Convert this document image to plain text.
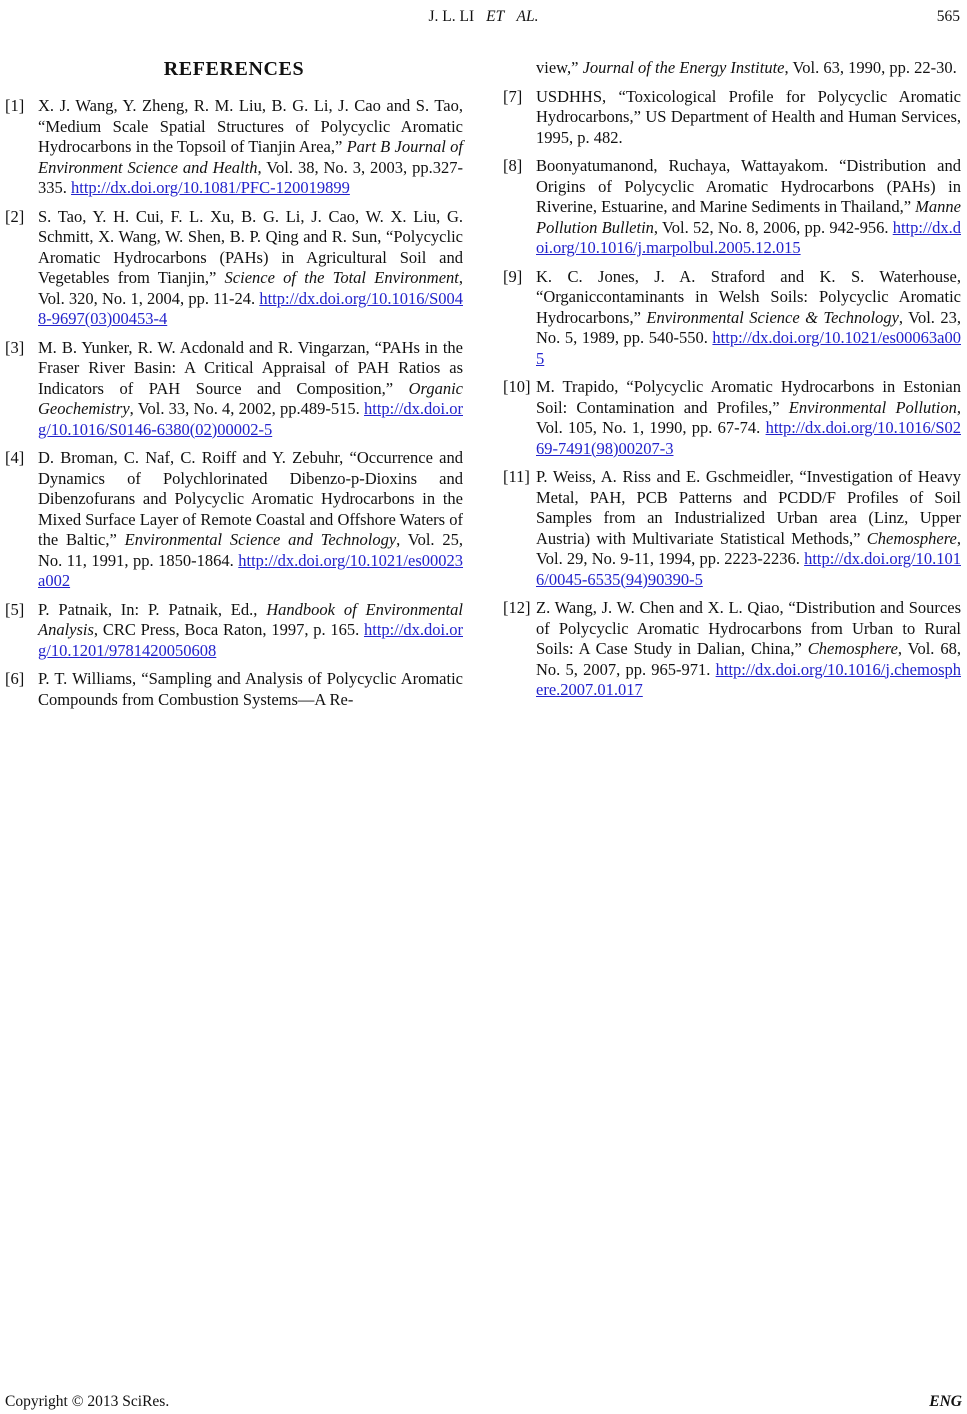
J. L. LI ET AL.	565
REFERENCES
[1] X. J. Wang, Y. Zheng, R. M. Liu, B. G. Li, J. Cao and S. Tao, “Medium Scale Spatial Structures of Polycyclic Aromatic Hydrocarbons in the Topsoil of Tianjin Area,” Part B Journal of Environment Science and Health, Vol. 38, No. 3, 2003, pp.327-335. http://dx.doi.org/10.1081/PFC-120019899
[2] S. Tao, Y. H. Cui, F. L. Xu, B. G. Li, J. Cao, W. X. Liu, G. Schmitt, X. Wang, W. Shen, B. P. Qing and R. Sun, “Polycyclic Aromatic Hydrocarbons (PAHs) in Agricultural Soil and Vegetables from Tianjin,” Science of the Total Environment, Vol. 320, No. 1, 2004, pp. 11-24. http://dx.doi.org/10.1016/S0048-9697(03)00453-4
[3] M. B. Yunker, R. W. Acdonald and R. Vingarzan, “PAHs in the Fraser River Basin: A Critical Appraisal of PAH Ratios as Indicators of PAH Source and Composition,” Organic Geochemistry, Vol. 33, No. 4, 2002, pp.489-515. http://dx.doi.org/10.1016/S0146-6380(02)00002-5
[4] D. Broman, C. Naf, C. Roiff and Y. Zebuhr, “Occurrence and Dynamics of Polychlorinated Dibenzo-p-Dioxins and Dibenzofurans and Polycyclic Aromatic Hydrocarbons in the Mixed Surface Layer of Remote Coastal and Offshore Waters of the Baltic,” Environmental Science and Technology, Vol. 25, No. 11, 1991, pp. 1850-1864. http://dx.doi.org/10.1021/es00023a002
[5] P. Patnaik, In: P. Patnaik, Ed., Handbook of Environmental Analysis, CRC Press, Boca Raton, 1997, p. 165. http://dx.doi.org/10.1201/9781420050608
[6] P. T. Williams, “Sampling and Analysis of Polycyclic Aromatic Compounds from Combustion Systems—A Re-
view,” Journal of the Energy Institute, Vol. 63, 1990, pp. 22-30.
[7] USDHHS, “Toxicological Profile for Polycyclic Aromatic Hydrocarbons,” US Department of Health and Human Services, 1995, p. 482.
[8] Boonyatumanond, Ruchaya, Wattayakom. “Distribution and Origins of Polycyclic Aromatic Hydrocarbons (PAHs) in Riverine, Estuarine, and Marine Sediments in Thailand,” Manne Pollution Bulletin, Vol. 52, No. 8, 2006, pp. 942-956. http://dx.doi.org/10.1016/j.marpolbul.2005.12.015
[9] K. C. Jones, J. A. Straford and K. S. Waterhouse, “Organiccontaminants in Welsh Soils: Polycyclic Aromatic Hydrocarbons,” Environmental Science & Technology, Vol. 23, No. 5, 1989, pp. 540-550. http://dx.doi.org/10.1021/es00063a005
[10] M. Trapido, “Polycyclic Aromatic Hydrocarbons in Estonian Soil: Contamination and Profiles,” Environmental Pollution, Vol. 105, No. 1, 1990, pp. 67-74. http://dx.doi.org/10.1016/S0269-7491(98)00207-3
[11] P. Weiss, A. Riss and E. Gschmeidler, “Investigation of Heavy Metal, PAH, PCB Patterns and PCDD/F Profiles of Soil Samples from an Industrialized Urban area (Linz, Upper Austria) with Multivariate Statistical Methods,” Chemosphere, Vol. 29, No. 9-11, 1994, pp. 2223-2236. http://dx.doi.org/10.1016/0045-6535(94)90390-5
[12] Z. Wang, J. W. Chen and X. L. Qiao, “Distribution and Sources of Polycyclic Aromatic Hydrocarbons from Urban to Rural Soils: A Case Study in Dalian, China,” Chemosphere, Vol. 68, No. 5, 2007, pp. 965-971. http://dx.doi.org/10.1016/j.chemosphere.2007.01.017
Copyright © 2013 SciRes.	ENG
